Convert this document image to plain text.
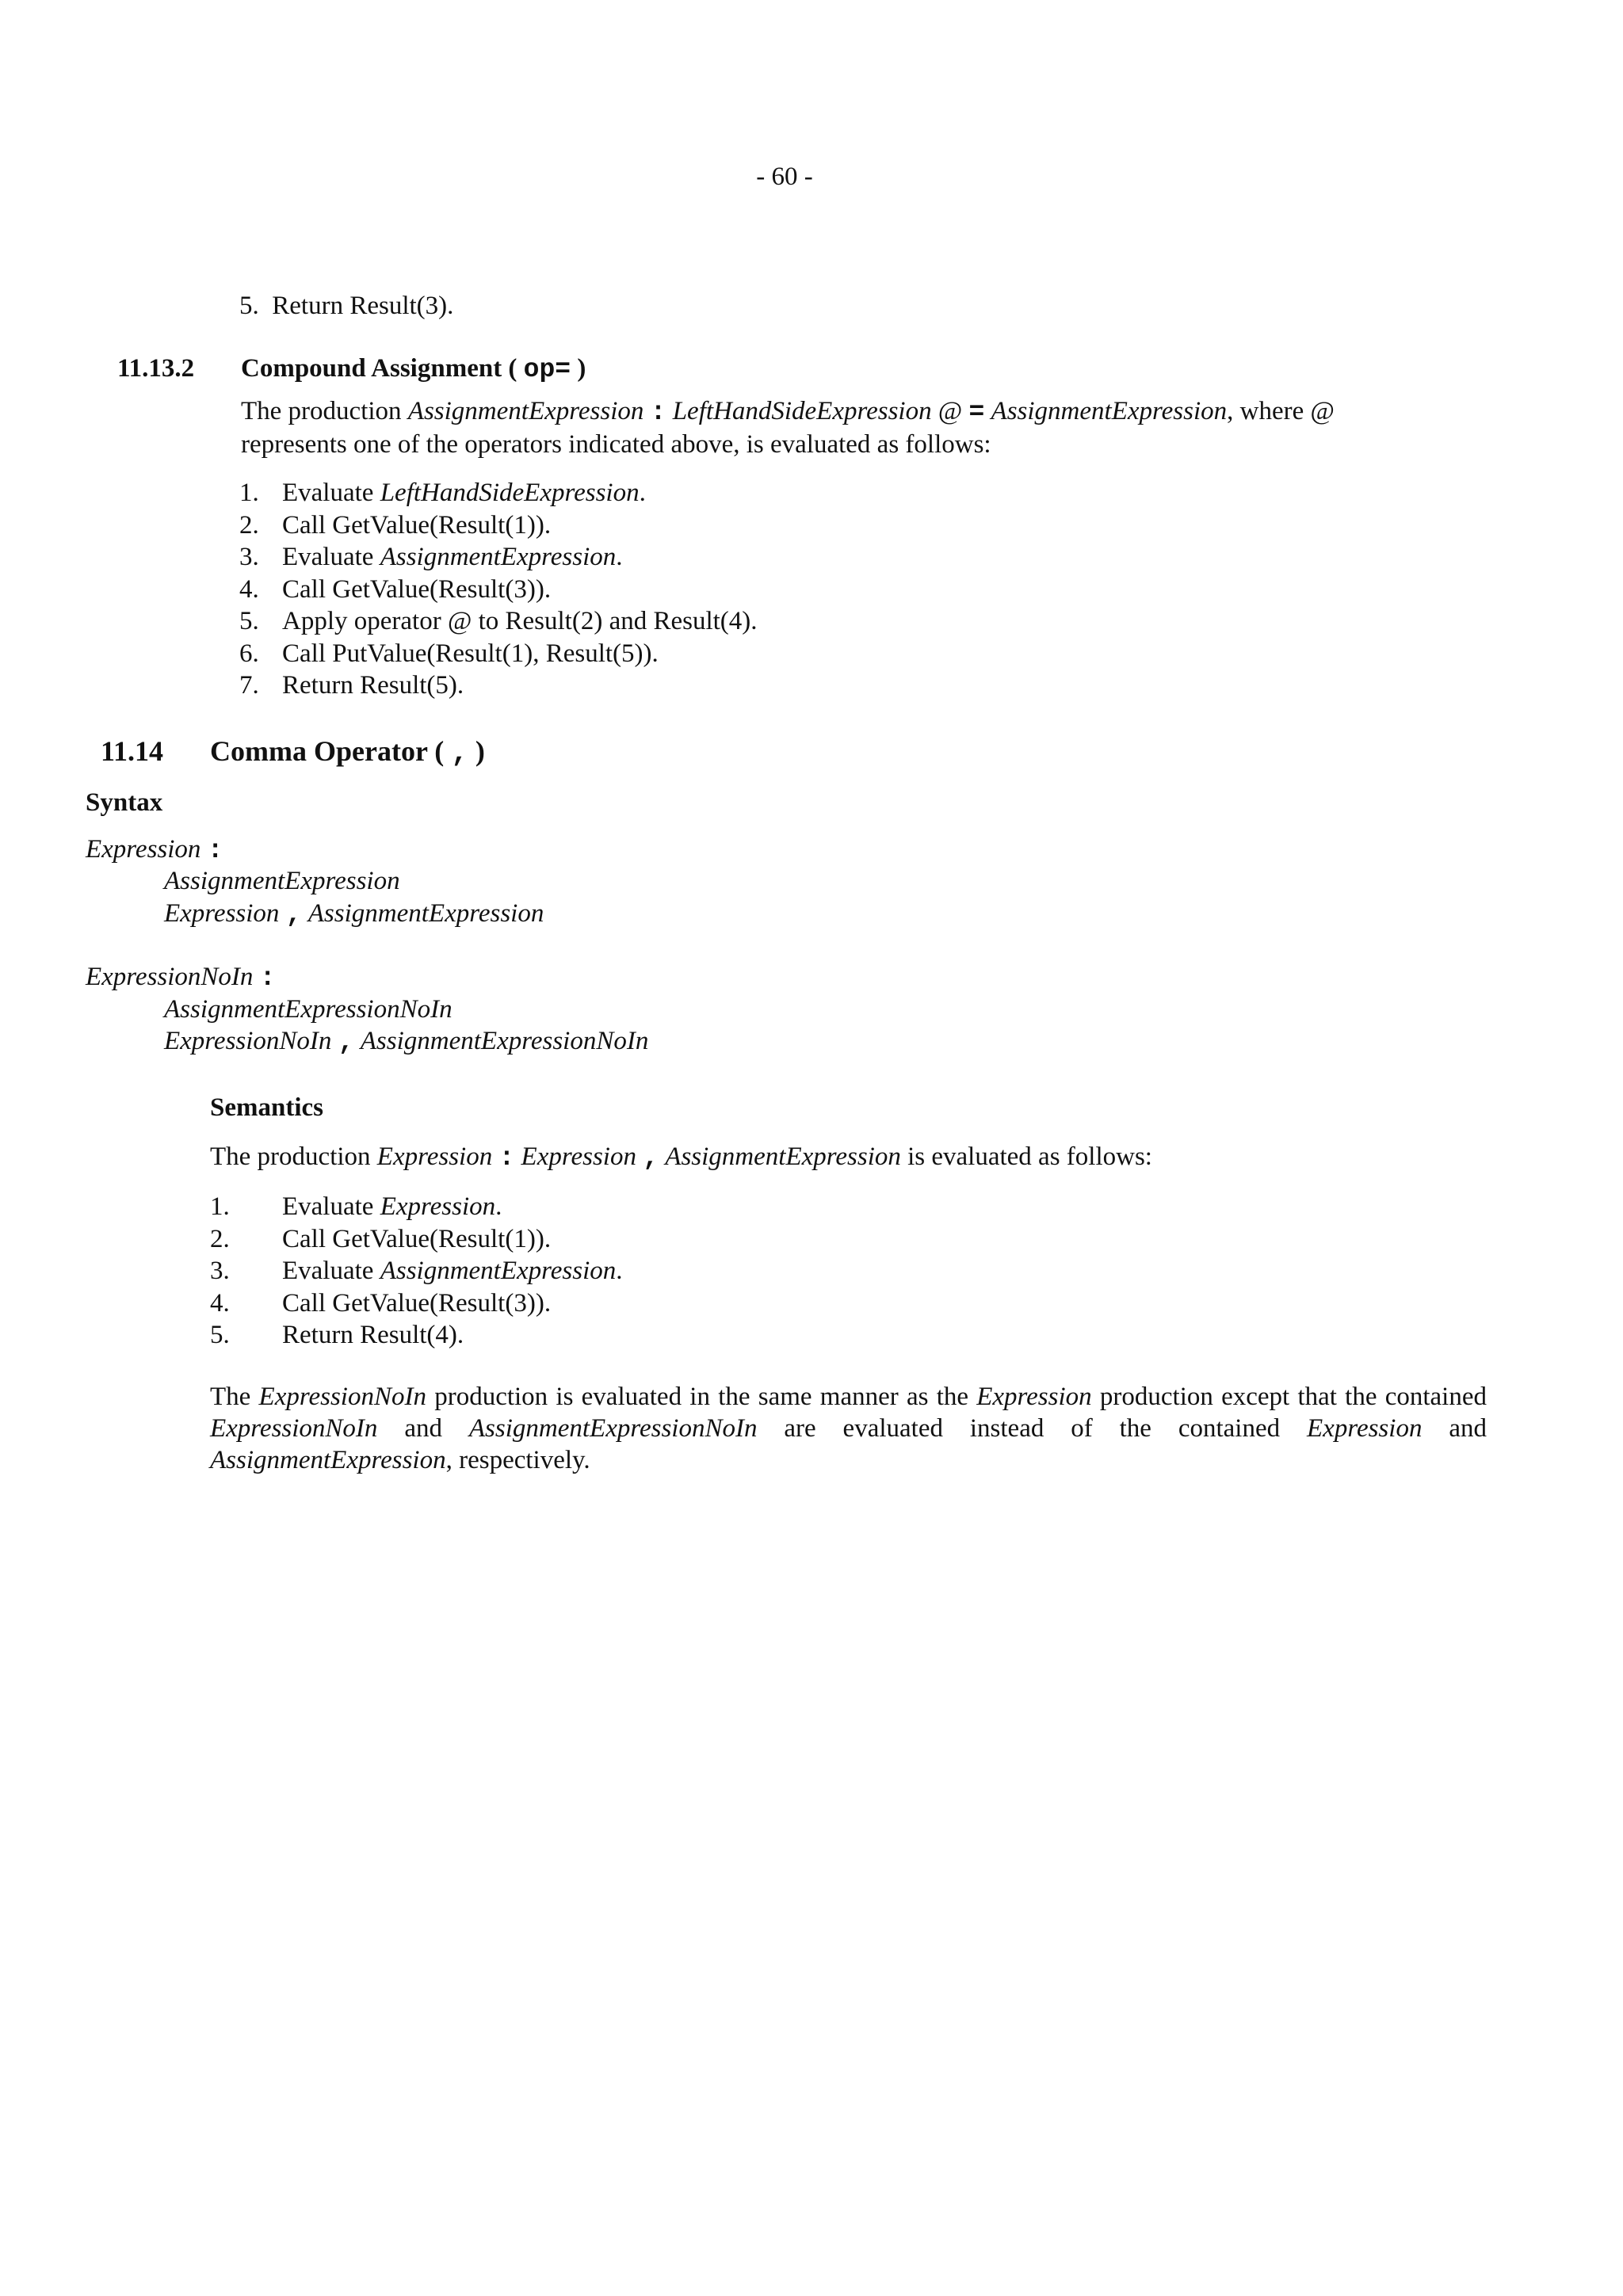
- 60 -
5. Return Result(3).
11.13.2 Compound Assignment ( op= )
The production AssignmentExpression : LeftHandSideExpression @ = AssignmentExpression, where @
represents one of the operators indicated above, is evaluated as follows:
1. Evaluate LeftHandSideExpression.
2. Call GetValue(Result(1)).
3. Evaluate AssignmentExpression.
4. Call GetValue(Result(3)).
5. Apply operator @ to Result(2) and Result(4).
6. Call PutValue(Result(1), Result(5)).
7. Return Result(5).
11.14 Comma Operator ( , )
Syntax
Expression :
AssignmentExpression
Expression , AssignmentExpression
ExpressionNoIn :
AssignmentExpressionNoIn
ExpressionNoIn , AssignmentExpressionNoIn
Semantics
The production Expression : Expression , AssignmentExpression is evaluated as follows:
1. Evaluate Expression.
2. Call GetValue(Result(1)).
3. Evaluate AssignmentExpression.
4. Call GetValue(Result(3)).
5. Return Result(4).
The ExpressionNoIn production is evaluated in the same manner as the Expression production except that the contained ExpressionNoIn and AssignmentExpressionNoIn are evaluated instead of the contained Expression and AssignmentExpression, respectively.
